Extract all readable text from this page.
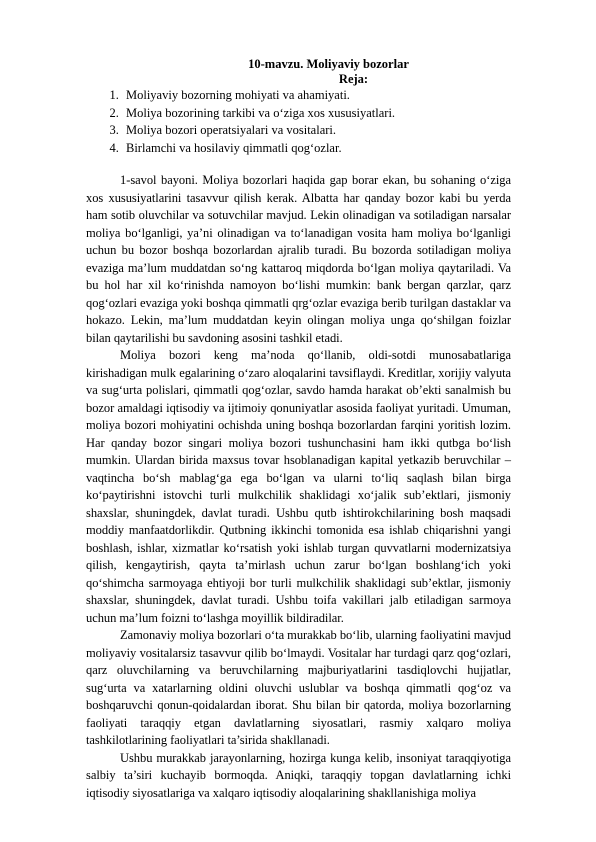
10-mavzu. Moliyaviy bozorlar

Reja:

1. Moliyaviy bozorning mohiyati va ahamiyati.
2. Moliya bozorining tarkibi va o‘ziga xos xususiyatlari.
3. Moliya bozori operatsiyalari va vositalari.
4. Birlamchi va hosilaviy qimmatli qog‘ozlar.

1-savol bayoni. Moliya bozorlari haqida gap borar ekan, bu sohaning o‘ziga xos xususiyatlarini tasavvur qilish kerak. Albatta har qanday bozor kabi bu yerda ham sotib oluvchilar va sotuvchilar mavjud. Lekin olinadigan va sotiladigan narsalar moliya bo‘lganligi, ya’ni olinadigan va to‘lanadigan vosita ham moliya bo‘lganligi uchun bu bozor boshqa bozorlardan ajralib turadi. Bu bozorda sotiladigan moliya evaziga ma’lum muddatdan so‘ng kattaroq miqdorda bo‘lgan moliya qaytariladi. Va bu hol har xil ko‘rinishda namoyon bo‘lishi mumkin: bank bergan qarzlar, qarz qog‘ozlari evaziga yoki boshqa qimmatli qrg‘ozlar evaziga berib turilgan dastaklar va hokazo. Lekin, ma’lum muddatdan keyin olingan moliya unga qo‘shilgan foizlar bilan qaytarilishi bu savdoning asosini tashkil etadi.

Moliya bozori keng ma’noda qo‘llanib, oldi-sotdi munosabatlariga kirishadigan mulk egalarining o‘zaro aloqalarini tavsiflaydi. Kreditlar, xorijiy valyuta va sug‘urta polislari, qimmatli qog‘ozlar, savdo hamda harakat ob’ekti sanalmish bu bozor amaldagi iqtisodiy va ijtimoiy qonuniyatlar asosida faoliyat yuritadi. Umuman, moliya bozori mohiyatini ochishda uning boshqa bozorlardan farqini yoritish lozim. Har qanday bozor singari moliya bozori tushunchasini ham ikki qutbga bo‘lish mumkin. Ulardan birida maxsus tovar hsoblanadigan kapital yetkazib beruvchilar – vaqtincha bo‘sh mablag‘ga ega bo‘lgan va ularni to‘liq saqlash bilan birga ko‘paytirishni istovchi turli mulkchilik shaklidagi xo‘jalik sub’ektlari, jismoniy shaxslar, shuningdek, davlat turadi. Ushbu qutb ishtirokchilarining bosh maqsadi moddiy manfaatdorlikdir. Qutbning ikkinchi tomonida esa ishlab chiqarishni yangi boshlash, ishlar, xizmatlar ko‘rsatish yoki ishlab turgan quvvatlarni modernizatsiya qilish, kengaytirish, qayta ta’mirlash uchun zarur bo‘lgan boshlang‘ich yoki qo‘shimcha sarmoyaga ehtiyoji bor turli mulkchilik shaklidagi sub’ektlar, jismoniy shaxslar, shuningdek, davlat turadi. Ushbu toifa vakillari jalb etiladigan sarmoya uchun ma’lum foizni to‘lashga moyillik bildiradilar.

Zamonaviy moliya bozorlari o‘ta murakkab bo‘lib, ularning faoliyatini mavjud moliyaviy vositalarsiz tasavvur qilib bo‘lmaydi. Vositalar har turdagi qarz qog‘ozlari, qarz oluvchilarning va beruvchilarning majburiyatlarini tasdiqlovchi hujjatlar, sug‘urta va xatarlarning oldini oluvchi uslublar va boshqa qimmatli qog‘oz va boshqaruvchi qonun-qoidalardan iborat. Shu bilan bir qatorda, moliya bozorlarning faoliyati taraqqiy etgan davlatlarning siyosatlari, rasmiy xalqaro moliya tashkilotlarining faoliyatlari ta’sirida shakllanadi.

Ushbu murakkab jarayonlarning, hozirga kunga kelib, insoniyat taraqqiyotiga salbiy ta’siri kuchayib bormoqda. Aniqki, taraqqiy topgan davlatlarning ichki iqtisodiy siyosatlariga va xalqaro iqtisodiy aloqalarining shakllanishiga moliya
